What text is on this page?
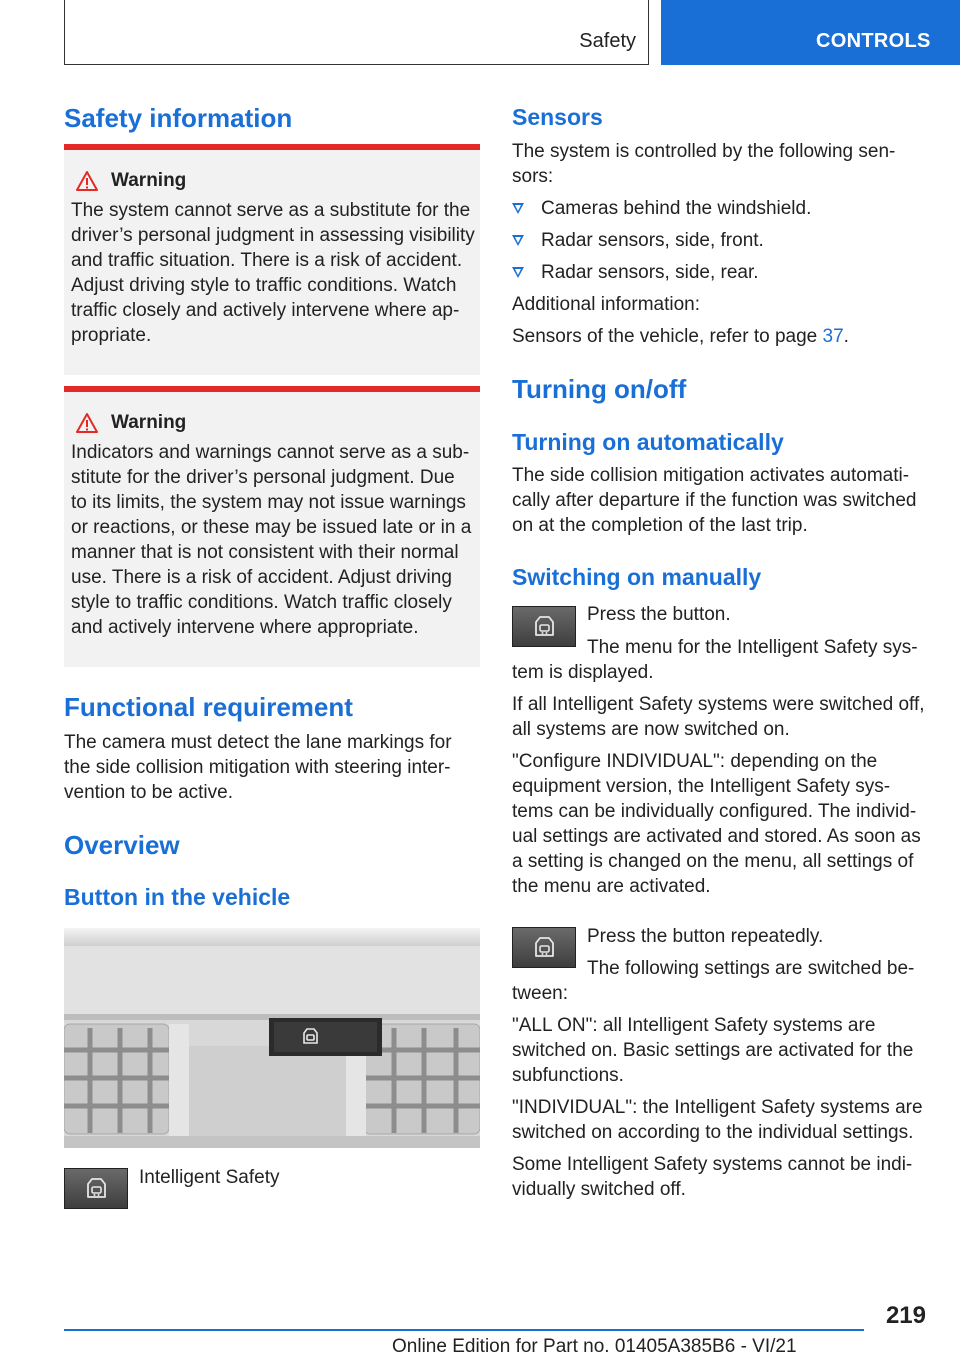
Safety	CONTROLS
Safety information
Warning
The system cannot serve as a substitute for the
driver’s personal judgment in assessing visibility
and traffic situation. There is a risk of accident.
Adjust driving style to traffic conditions. Watch
traffic closely and actively intervene where ap‐
propriate.
Warning
Indicators and warnings cannot serve as a sub‐
stitute for the driver’s personal judgment. Due
to its limits, the system may not issue warnings
or reactions, or these may be issued late or in a
manner that is not consistent with their normal
use. There is a risk of accident. Adjust driving
style to traffic conditions. Watch traffic closely
and actively intervene where appropriate.
Functional requirement
The camera must detect the lane markings for
the side collision mitigation with steering inter‐
vention to be active.
Overview
Button in the vehicle
Intelligent Safety
Sensors
The system is controlled by the following sen‐
sors:
Cameras behind the windshield.
Radar sensors, side, front.
Radar sensors, side, rear.
Additional information:
Sensors of the vehicle, refer to page 37.
Turning on/off
Turning on automatically
The side collision mitigation activates automati‐
cally after departure if the function was switched
on at the completion of the last trip.
Switching on manually
Press the button.
The menu for the Intelligent Safety sys‐
tem is displayed.
If all Intelligent Safety systems were switched off,
all systems are now switched on.
"Configure INDIVIDUAL": depending on the
equipment version, the Intelligent Safety sys‐
tems can be individually configured. The individ‐
ual settings are activated and stored. As soon as
a setting is changed on the menu, all settings of
the menu are activated.
Press the button repeatedly.
The following settings are switched be‐
tween:
"ALL ON": all Intelligent Safety systems are
switched on. Basic settings are activated for the
subfunctions.
"INDIVIDUAL": the Intelligent Safety systems are
switched on according to the individual settings.
Some Intelligent Safety systems cannot be indi‐
vidually switched off.
219
Online Edition for Part no. 01405A385B6 - VI/21
